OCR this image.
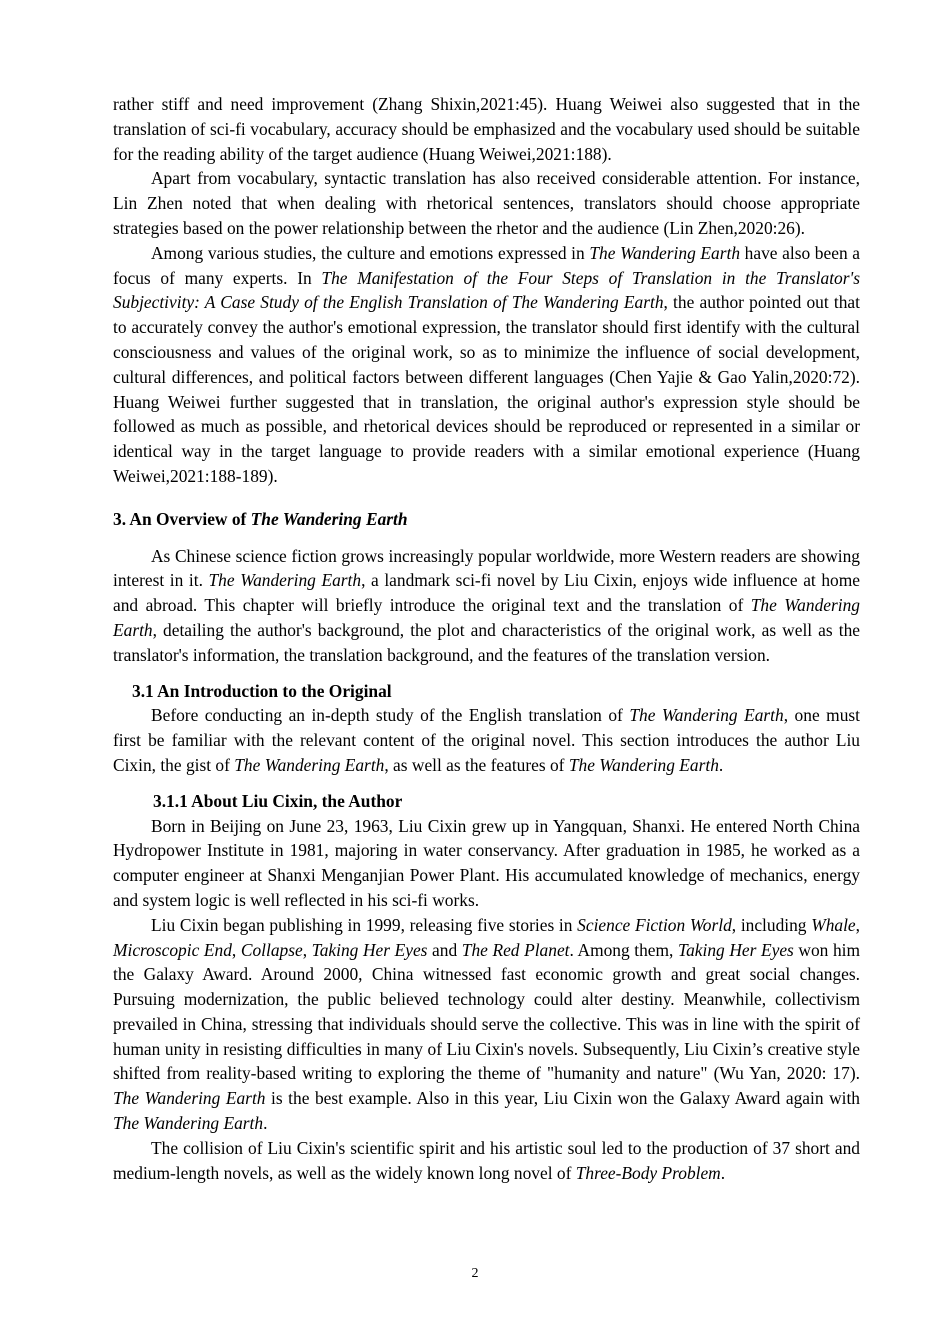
rather stiff and need improvement (Zhang Shixin,2021:45). Huang Weiwei also suggested that in the translation of sci-fi vocabulary, accuracy should be emphasized and the vocabulary used should be suitable for the reading ability of the target audience (Huang Weiwei,2021:188).

Apart from vocabulary, syntactic translation has also received considerable attention. For instance, Lin Zhen noted that when dealing with rhetorical sentences, translators should choose appropriate strategies based on the power relationship between the rhetor and the audience (Lin Zhen,2020:26).

Among various studies, the culture and emotions expressed in The Wandering Earth have also been a focus of many experts. In The Manifestation of the Four Steps of Translation in the Translator's Subjectivity: A Case Study of the English Translation of The Wandering Earth, the author pointed out that to accurately convey the author's emotional expression, the translator should first identify with the cultural consciousness and values of the original work, so as to minimize the influence of social development, cultural differences, and political factors between different languages (Chen Yajie & Gao Yalin,2020:72). Huang Weiwei further suggested that in translation, the original author's expression style should be followed as much as possible, and rhetorical devices should be reproduced or represented in a similar or identical way in the target language to provide readers with a similar emotional experience (Huang Weiwei,2021:188-189).

3. An Overview of The Wandering Earth

As Chinese science fiction grows increasingly popular worldwide, more Western readers are showing interest in it. The Wandering Earth, a landmark sci-fi novel by Liu Cixin, enjoys wide influence at home and abroad. This chapter will briefly introduce the original text and the translation of The Wandering Earth, detailing the author's background, the plot and characteristics of the original work, as well as the translator's information, the translation background, and the features of the translation version.

3.1 An Introduction to the Original

Before conducting an in-depth study of the English translation of The Wandering Earth, one must first be familiar with the relevant content of the original novel. This section introduces the author Liu Cixin, the gist of The Wandering Earth, as well as the features of The Wandering Earth.

3.1.1 About Liu Cixin, the Author

Born in Beijing on June 23, 1963, Liu Cixin grew up in Yangquan, Shanxi. He entered North China Hydropower Institute in 1981, majoring in water conservancy. After graduation in 1985, he worked as a computer engineer at Shanxi Menganjian Power Plant. His accumulated knowledge of mechanics, energy and system logic is well reflected in his sci-fi works.

Liu Cixin began publishing in 1999, releasing five stories in Science Fiction World, including Whale, Microscopic End, Collapse, Taking Her Eyes and The Red Planet. Among them, Taking Her Eyes won him the Galaxy Award. Around 2000, China witnessed fast economic growth and great social changes. Pursuing modernization, the public believed technology could alter destiny. Meanwhile, collectivism prevailed in China, stressing that individuals should serve the collective. This was in line with the spirit of human unity in resisting difficulties in many of Liu Cixin's novels. Subsequently, Liu Cixin’s creative style shifted from reality-based writing to exploring the theme of "humanity and nature" (Wu Yan, 2020: 17). The Wandering Earth is the best example. Also in this year, Liu Cixin won the Galaxy Award again with The Wandering Earth.

The collision of Liu Cixin's scientific spirit and his artistic soul led to the production of 37 short and medium-length novels, as well as the widely known long novel of Three-Body Problem.

2
